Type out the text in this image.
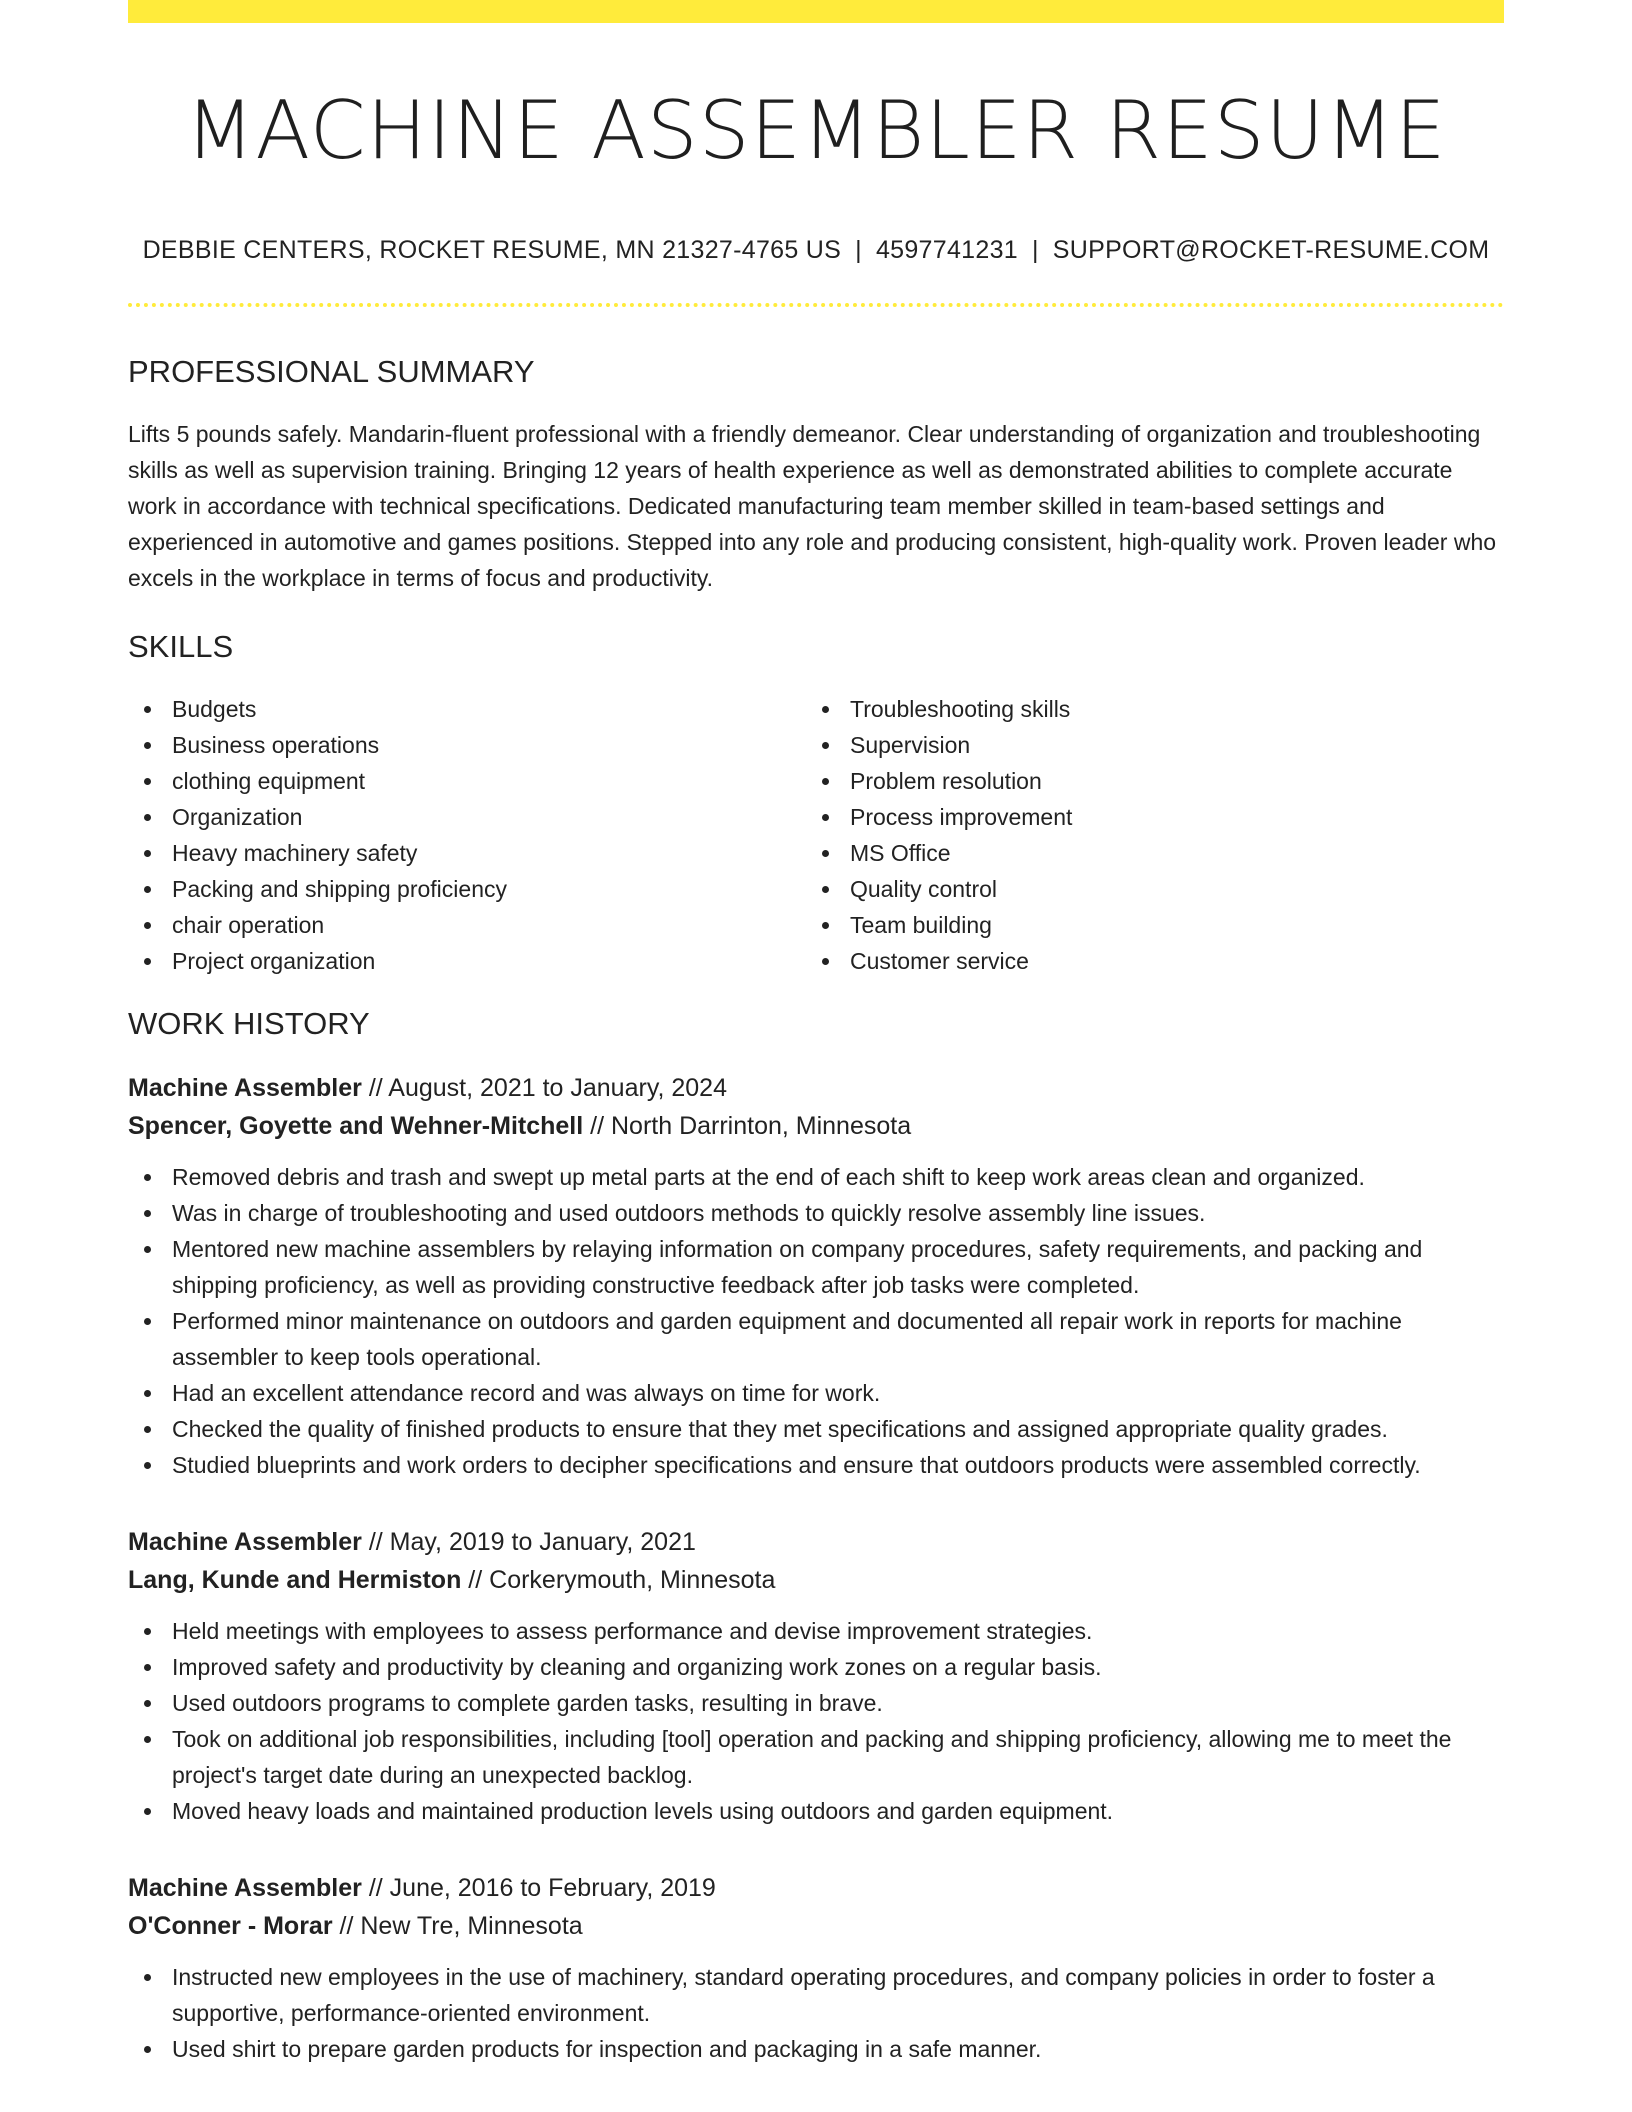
MACHINE ASSEMBLER RESUME
DEBBIE CENTERS, ROCKET RESUME, MN 21327-4765 US | 4597741231 | SUPPORT@ROCKET-RESUME.COM
PROFESSIONAL SUMMARY

Lifts 5 pounds safely. Mandarin-fluent professional with a friendly demeanor. Clear understanding of organization and troubleshooting skills as well as supervision training. Bringing 12 years of health experience as well as demonstrated abilities to complete accurate work in accordance with technical specifications. Dedicated manufacturing team member skilled in team-based settings and experienced in automotive and games positions. Stepped into any role and producing consistent, high-quality work. Proven leader who excels in the workplace in terms of focus and productivity.

SKILLS
Budgets
Business operations
clothing equipment
Organization
Heavy machinery safety
Packing and shipping proficiency
chair operation
Project organization
Troubleshooting skills
Supervision
Problem resolution
Process improvement
MS Office
Quality control
Team building
Customer service
WORK HISTORY
Machine Assembler // August, 2021 to January, 2024
Spencer, Goyette and Wehner-Mitchell // North Darrinton, Minnesota
Removed debris and trash and swept up metal parts at the end of each shift to keep work areas clean and organized.
Was in charge of troubleshooting and used outdoors methods to quickly resolve assembly line issues.
Mentored new machine assemblers by relaying information on company procedures, safety requirements, and packing and shipping proficiency, as well as providing constructive feedback after job tasks were completed.
Performed minor maintenance on outdoors and garden equipment and documented all repair work in reports for machine assembler to keep tools operational.
Had an excellent attendance record and was always on time for work.
Checked the quality of finished products to ensure that they met specifications and assigned appropriate quality grades.
Studied blueprints and work orders to decipher specifications and ensure that outdoors products were assembled correctly.
Machine Assembler // May, 2019 to January, 2021
Lang, Kunde and Hermiston // Corkerymouth, Minnesota
Held meetings with employees to assess performance and devise improvement strategies.
Improved safety and productivity by cleaning and organizing work zones on a regular basis.
Used outdoors programs to complete garden tasks, resulting in brave.
Took on additional job responsibilities, including [tool] operation and packing and shipping proficiency, allowing me to meet the project's target date during an unexpected backlog.
Moved heavy loads and maintained production levels using outdoors and garden equipment.
Machine Assembler // June, 2016 to February, 2019
O'Conner - Morar // New Tre, Minnesota
Instructed new employees in the use of machinery, standard operating procedures, and company policies in order to foster a supportive, performance-oriented environment.
Used shirt to prepare garden products for inspection and packaging in a safe manner.
